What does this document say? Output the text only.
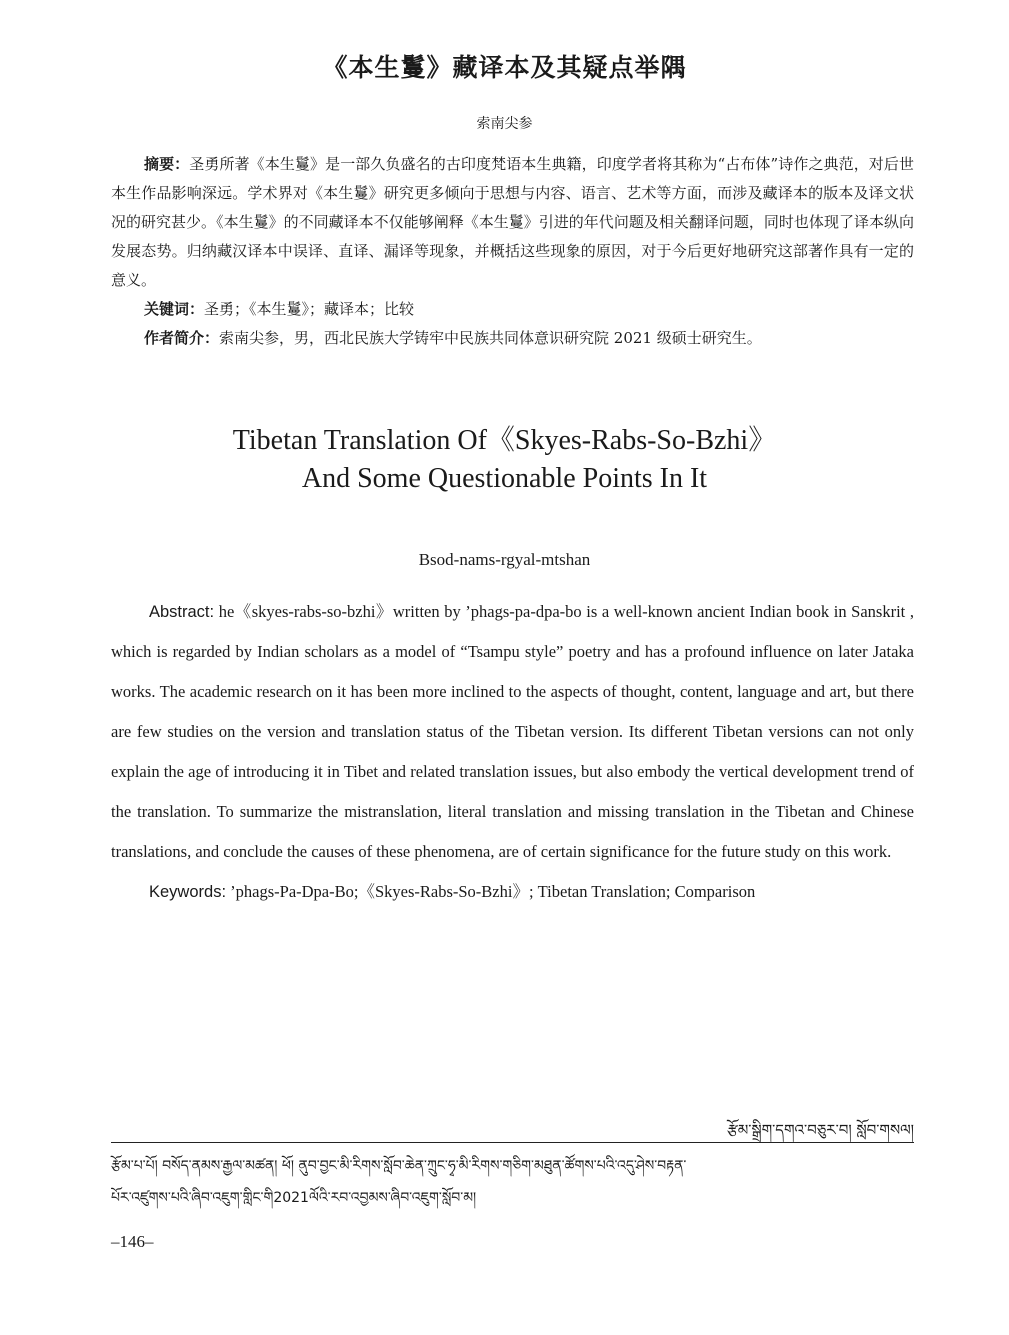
《本生鬘》藏译本及其疑点举隅
索南尖参

摘要：圣勇所著《本生鬘》是一部久负盛名的古印度梵语本生典籍，印度学者将其称为“占布体”诗作之典范，对后世本生作品影响深远。学术界对《本生鬘》研究更多倾向于思想与内容、语言、艺术等方面，而涉及藏译本的版本及译文状况的研究甚少。《本生鬘》的不同藏译本不仅能够阐释《本生鬘》引进的年代问题及相关翻译问题，同时也体现了译本纵向发展态势。归纳藏汉译本中误译、直译、漏译等现象，并概括这些现象的原因，对于今后更好地研究这部著作具有一定的意义。

关键词：圣勇；《本生鬘》；藏译本；比较

作者简介：索南尖参，男，西北民族大学铸牢中民族共同体意识研究院 2021 级硕士研究生。

Tibetan Translation Of《Skyes-Rabs-So-Bzhi》
And Some Questionable Points In It
Bsod-nams-rgyal-mtshan

Abstract: he《skyes-rabs-so-bzhi》written by ’phags-pa-dpa-bo is a well-known ancient Indian book in Sanskrit , which is regarded by Indian scholars as a model of “Tsampu style” poetry and has a profound influence on later Jataka works. The academic research on it has been more inclined to the aspects of thought, content, language and art, but there are few studies on the version and translation status of the Tibetan version. Its different Tibetan versions can not only explain the age of introducing it in Tibet and related translation issues, but also embody the vertical development trend of the translation. To summarize the mistranslation, literal translation and missing translation in the Tibetan and Chinese translations, and conclude the causes of these phenomena, are of certain significance for the future study on this work.

Keywords: ’phags-Pa-Dpa-Bo;《Skyes-Rabs-So-Bzhi》; Tibetan Translation; Comparison

རྩོམ་སྒྲིག་དགའ་བཅུར་བ། སློབ་གསལ།
རྩོམ་པ་པོ། བསོད་ནམས་རྒྱལ་མཚན། ཕོ། ནུབ་བྱང་མི་རིགས་སློབ་ཆེན་ཀྲུང་ཧྭ་མི་རིགས་གཅིག་མཐུན་ཚོགས་པའི་འདུ་ཤེས་བརྟན་
པོར་འཛུགས་པའི་ཞིབ་འཇུག་གླིང་གི2021ལོའི་རབ་འབྱམས་ཞིབ་འཇུག་སློབ་མ།
–146–
